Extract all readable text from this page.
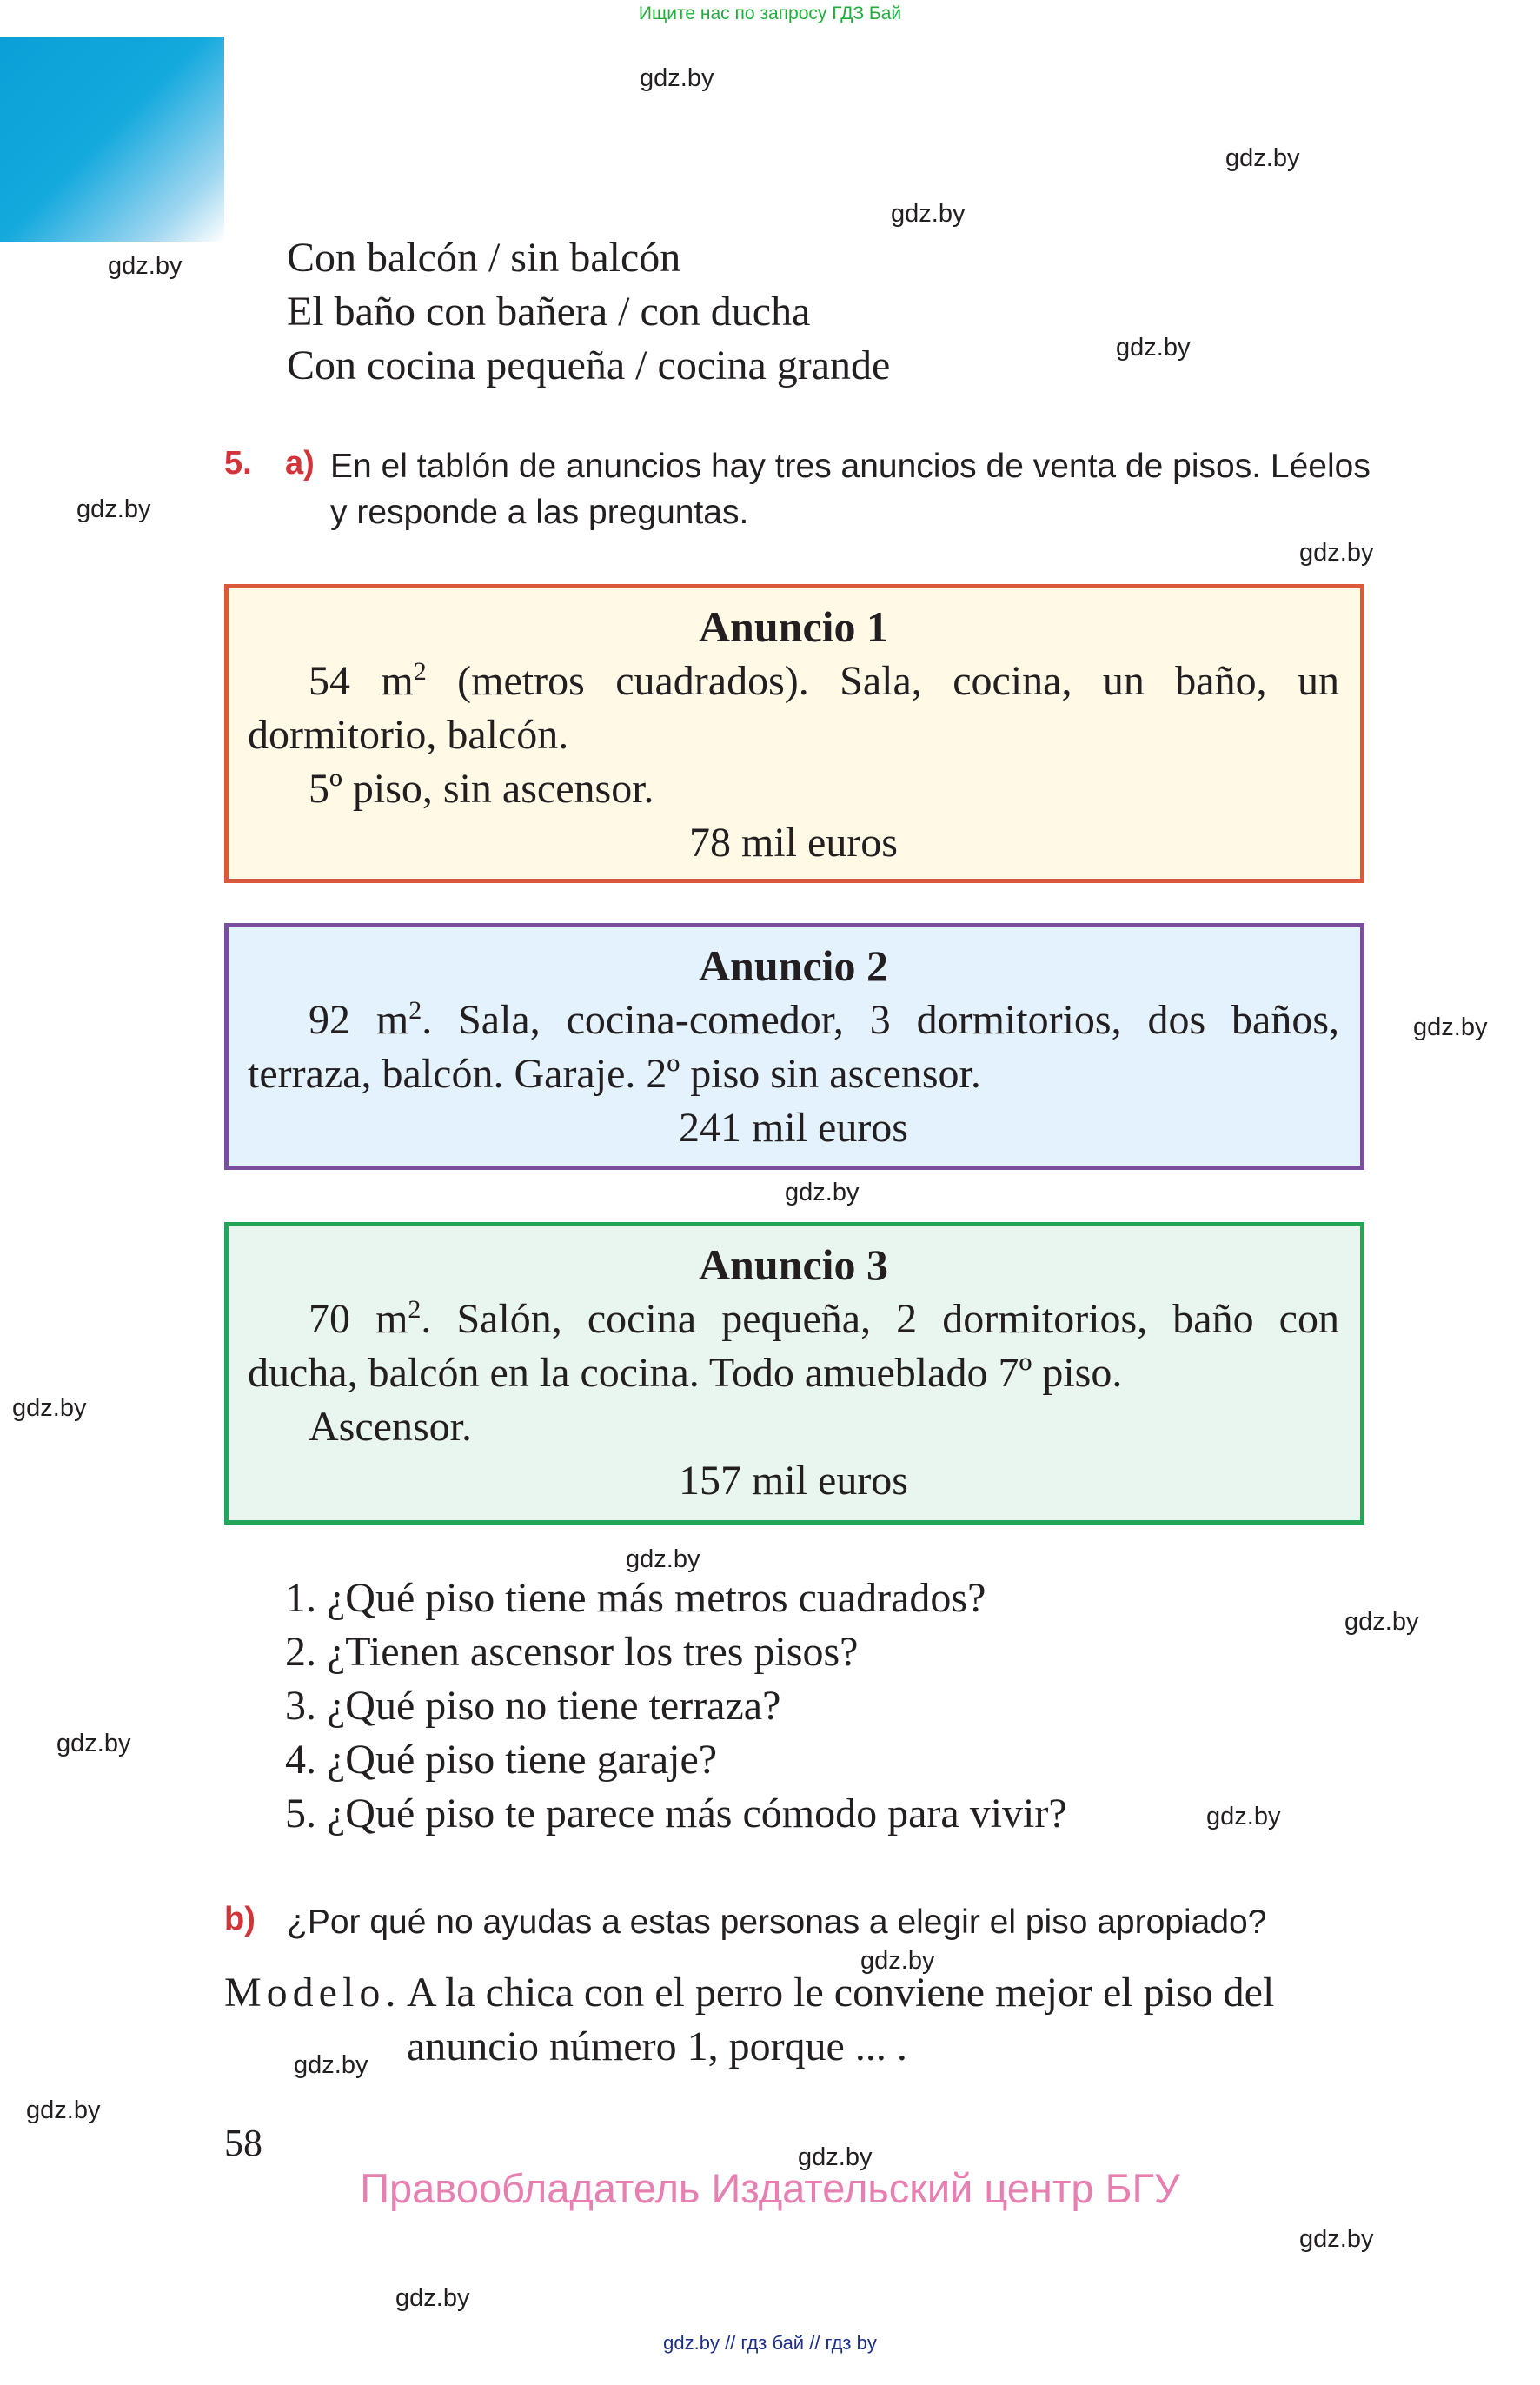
Ищите нас по запросу ГДЗ Бай
gdz.by
gdz.by
gdz.by
gdz.by
gdz.by
gdz.by
gdz.by
gdz.by
gdz.by
gdz.by
gdz.by
gdz.by
gdz.by
gdz.by
gdz.by
gdz.by
gdz.by
gdz.by
gdz.by
gdz.by
Con balcón / sin balcón
El baño con bañera / con ducha
Con cocina pequeña / cocina grande
5. a) En el tablón de anuncios hay tres anuncios de venta de pisos. Léelos y responde a las preguntas.
Anuncio 1
54 $m^2$ (metros cuadrados). Sala, cocina, un baño, un dormitorio, balcón.
5º piso, sin ascensor.
78 mil euros
Anuncio 2
92 $m^2$. Sala, cocina-comedor, 3 dormitorios, dos baños, terraza, balcón. Garaje. 2º piso sin ascensor.
241 mil euros
Anuncio 3
70 $m^2$. Salón, cocina pequeña, 2 dormitorios, baño con ducha, balcón en la cocina. Todo amueblado 7º piso.
Ascensor.
157 mil euros
1. ¿Qué piso tiene más metros cuadrados?
2. ¿Tienen ascensor los tres pisos?
3. ¿Qué piso no tiene terraza?
4. ¿Qué piso tiene garaje?
5. ¿Qué piso te parece más cómodo para vivir?
b) ¿Por qué no ayudas a estas personas a elegir el piso apropiado?
Modelo. A la chica con el perro le conviene mejor el piso del
anuncio número 1, porque ... .
58
Правообладатель Издательский центр БГУ
gdz.by // гдз бай // гдз by
